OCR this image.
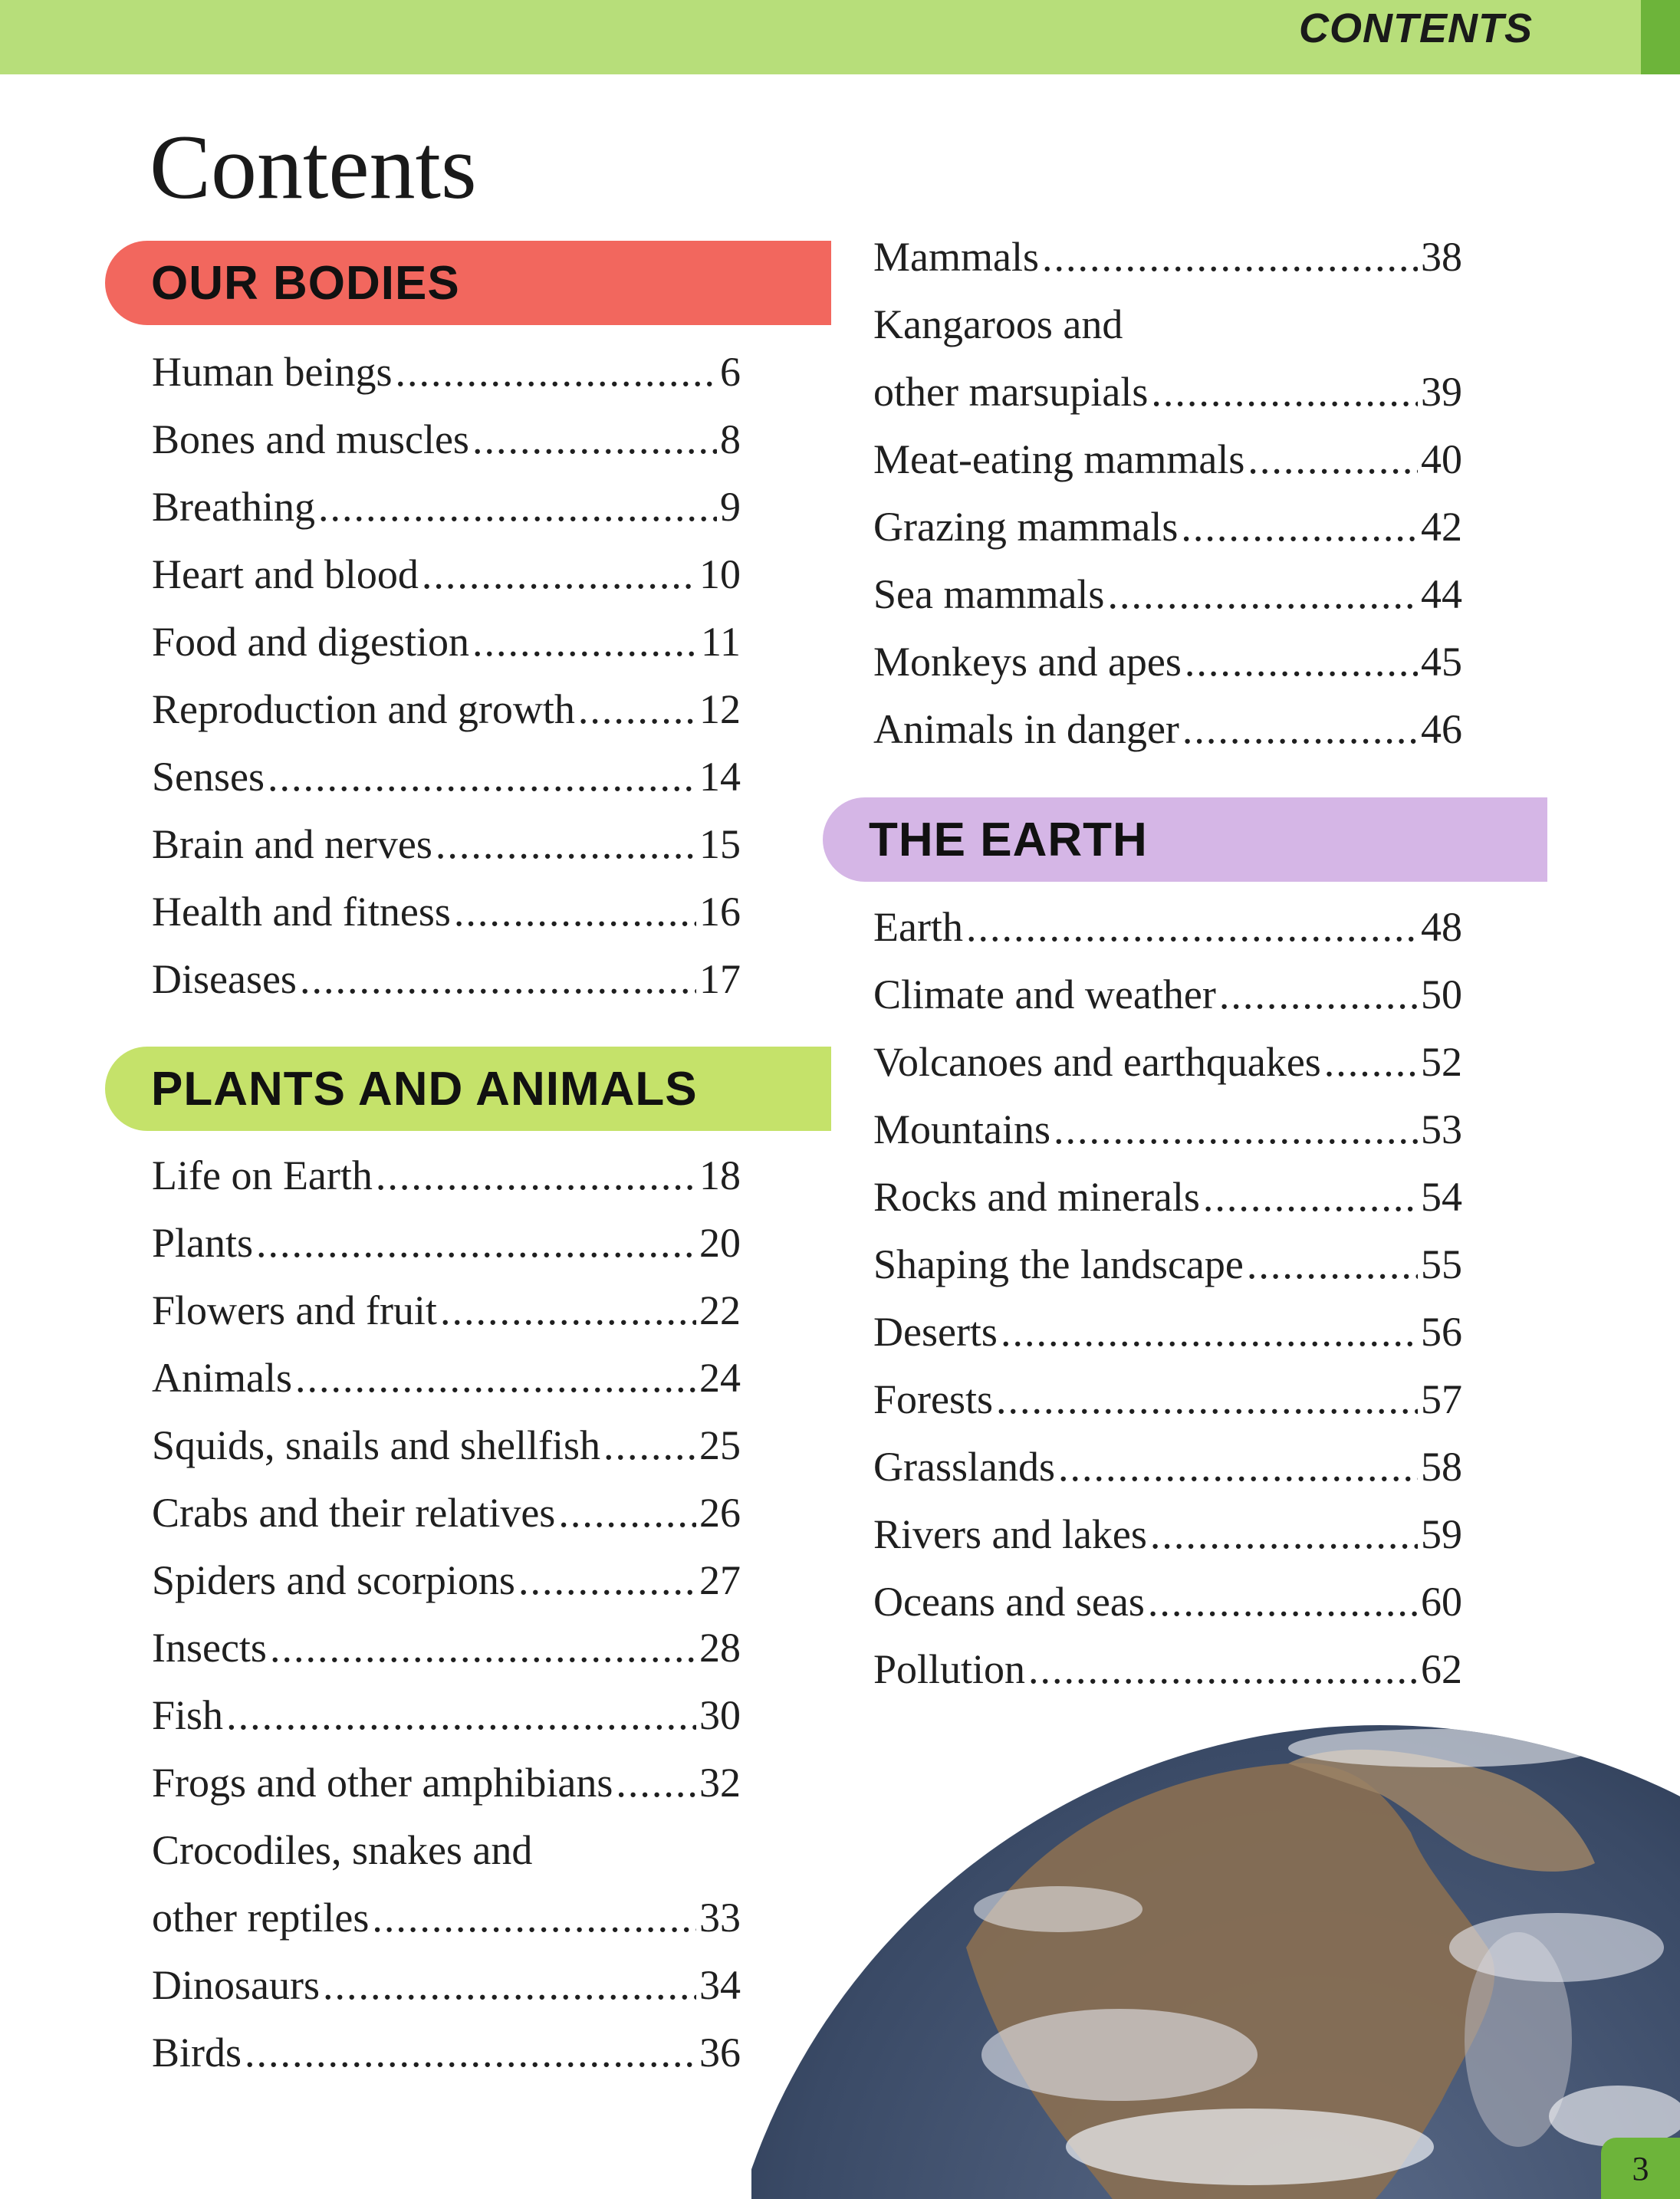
CONTENTS
Contents
OUR BODIES
Human beings .....	6
Bones and muscles .....	8
Breathing .....	9
Heart and blood .....	10
Food and digestion .....	11
Reproduction and growth .....	12
Senses .....	14
Brain and nerves .....	15
Health and fitness .....	16
Diseases .....	17
PLANTS AND ANIMALS
Life on Earth .....	18
Plants .....	20
Flowers and fruit .....	22
Animals .....	24
Squids, snails and shellfish ..... 25
Crabs and their relatives .....	26
Spiders and scorpions .....	27
Insects .....	28
Fish .....	30
Frogs and other amphibians ..... 32
Crocodiles, snakes and
other reptiles .....	33
Dinosaurs .....	34
Birds .....	36
Mammals .....	38
Kangaroos and
other marsupials .....	39
Meat-eating mammals .....	40
Grazing mammals .....	42
Sea mammals .....	44
Monkeys and apes .....	45
Animals in danger .....	46
THE EARTH
Earth .....	48
Climate and weather .....	50
Volcanoes and earthquakes ..... 52
Mountains .....	53
Rocks and minerals .....	54
Shaping the landscape .....	55
Deserts .....	56
Forests .....	57
Grasslands .....	58
Rivers and lakes .....	59
Oceans and seas .....	60
Pollution .....	62
3
